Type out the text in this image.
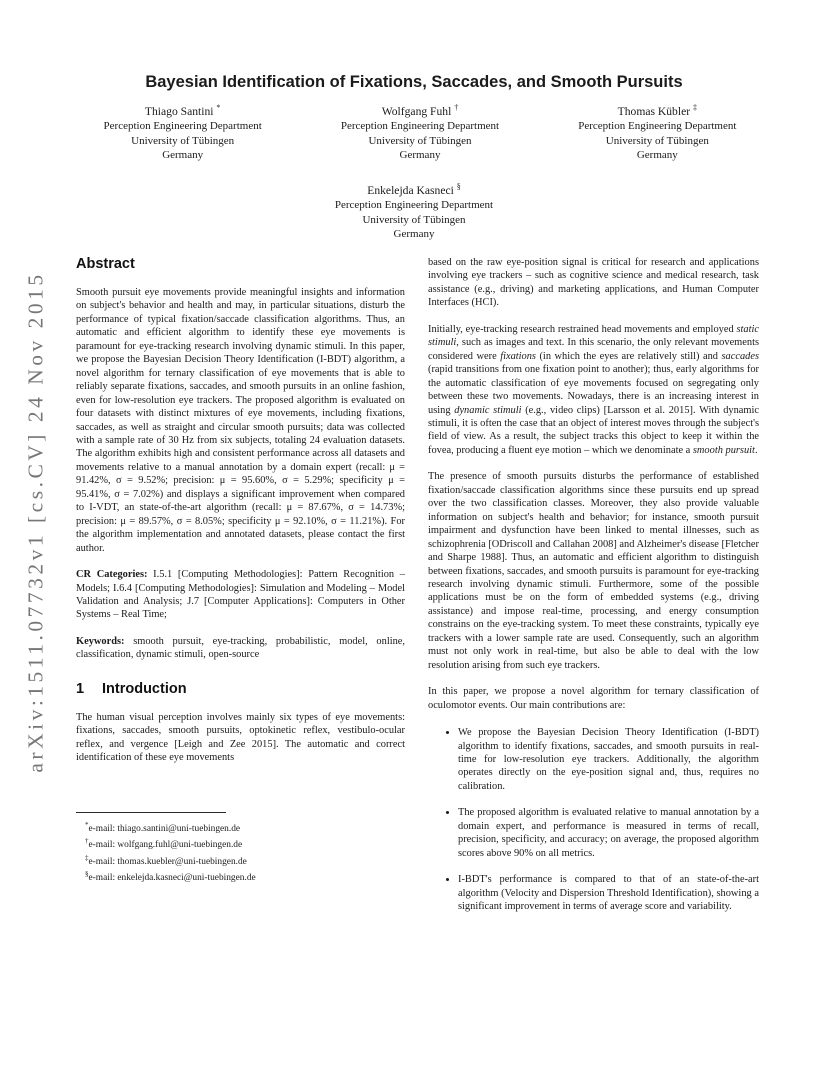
arXiv:1511.07732v1 [cs.CV] 24 Nov 2015
Bayesian Identification of Fixations, Saccades, and Smooth Pursuits
Thiago Santini *
Perception Engineering Department
University of Tübingen
Germany
Wolfgang Fuhl †
Perception Engineering Department
University of Tübingen
Germany
Thomas Kübler ‡
Perception Engineering Department
University of Tübingen
Germany
Enkelejda Kasneci §
Perception Engineering Department
University of Tübingen
Germany
Abstract

Smooth pursuit eye movements provide meaningful insights and information on subject's behavior and health and may, in particular situations, disturb the performance of typical fixation/saccade classification algorithms. Thus, an automatic and efficient algorithm to identify these eye movements is paramount for eye-tracking research involving dynamic stimuli. In this paper, we propose the Bayesian Decision Theory Identification (I-BDT) algorithm, a novel algorithm for ternary classification of eye movements that is able to reliably separate fixations, saccades, and smooth pursuits in an online fashion, even for low-resolution eye trackers. The proposed algorithm is evaluated on four datasets with distinct mixtures of eye movements, including fixations, saccades, as well as straight and circular smooth pursuits; data was collected with a sample rate of 30 Hz from six subjects, totaling 24 evaluation datasets. The algorithm exhibits high and consistent performance across all datasets and movements relative to a manual annotation by a domain expert (recall: μ = 91.42%, σ = 9.52%; precision: μ = 95.60%, σ = 5.29%; specificity μ = 95.41%, σ = 7.02%) and displays a significant improvement when compared to I-VDT, an state-of-the-art algorithm (recall: μ = 87.67%, σ = 14.73%; precision: μ = 89.57%, σ = 8.05%; specificity μ = 92.10%, σ = 11.21%). For the algorithm implementation and annotated datasets, please contact the first author.

CR Categories: I.5.1 [Computing Methodologies]: Pattern Recognition – Models; I.6.4 [Computing Methodologies]: Simulation and Modeling – Model Validation and Analysis; J.7 [Computer Applications]: Computers in Other Systems – Real Time;

Keywords: smooth pursuit, eye-tracking, probabilistic, model, online, classification, dynamic stimuli, open-source

1 Introduction

The human visual perception involves mainly six types of eye movements: fixations, saccades, smooth pursuits, optokinetic reflex, vestibulo-ocular reflex, and vergence [Leigh and Zee 2015]. The automatic and correct identification of these eye movements

*e-mail: thiago.santini@uni-tuebingen.de
†e-mail: wolfgang.fuhl@uni-tuebingen.de
‡e-mail: thomas.kuebler@uni-tuebingen.de
§e-mail: enkelejda.kasneci@uni-tuebingen.de

based on the raw eye-position signal is critical for research and applications involving eye trackers – such as cognitive science and medical research, task assistance (e.g., driving) and marketing applications, and Human Computer Interfaces (HCI).

Initially, eye-tracking research restrained head movements and employed static stimuli, such as images and text. In this scenario, the only relevant movements considered were fixations (in which the eyes are relatively still) and saccades (rapid transitions from one fixation point to another); thus, early algorithms for the automatic classification of eye movements focused on segregating only between these two movements. Nowadays, there is an increasing interest in using dynamic stimuli (e.g., video clips) [Larsson et al. 2015]. With dynamic stimuli, it is often the case that an object of interest moves through the subject's field of view. As a result, the subject tracks this object to keep it within the fovea, producing a fluent eye motion – which we denominate a smooth pursuit.

The presence of smooth pursuits disturbs the performance of established fixation/saccade classification algorithms since these pursuits end up spread over the two classification classes. Moreover, they also provide valuable information on subject's health and behavior; for instance, smooth pursuit impairment and dysfunction have been linked to mental illnesses, such as schizophrenia [ODriscoll and Callahan 2008] and Alzheimer's disease [Fletcher and Sharpe 1988]. Thus, an automatic and efficient algorithm to distinguish between fixations, saccades, and smooth pursuits is paramount for eye-tracking research involving dynamic stimuli. Furthermore, some of the possible applications must be on the form of embedded systems (e.g., driving assistance) and impose real-time, processing, and energy consumption constrains on the eye-tracking system. To meet these constraints, typically eye trackers with a lower sample rate are used. Consequently, such an algorithm must not only work in real-time, but also be able to deal with the low resolution arising from such eye trackers.

In this paper, we propose a novel algorithm for ternary classification of oculomotor events. Our main contributions are:

• We propose the Bayesian Decision Theory Identification (I-BDT) algorithm to identify fixations, saccades, and smooth pursuits in real-time for low-resolution eye trackers. Additionally, the algorithm operates directly on the eye-position signal and, thus, requires no calibration.
• The proposed algorithm is evaluated relative to manual annotation by a domain expert, and performance is measured in terms of recall, precision, specificity, and accuracy; on average, the proposed algorithm scores above 90% on all metrics.
• I-BDT's performance is compared to that of an state-of-the-art algorithm (Velocity and Dispersion Threshold Identification), showing a significant improvement in terms of average score and variability.
